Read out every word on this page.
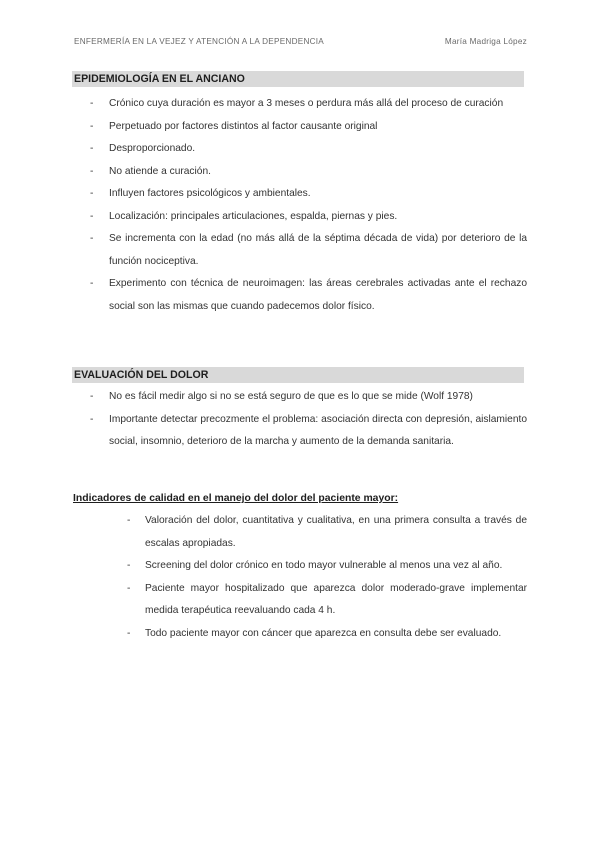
ENFERMERÍA EN LA VEJEZ Y ATENCIÓN A LA DEPENDENCIA	María Madriga López
EPIDEMIOLOGÍA EN EL ANCIANO
- Crónico cuya duración es mayor a 3 meses o perdura más allá del proceso de curación
- Perpetuado por factores distintos al factor causante original
- Desproporcionado.
- No atiende a curación.
- Influyen factores psicológicos y ambientales.
- Localización: principales articulaciones, espalda, piernas y pies.
- Se incrementa con la edad (no más allá de la séptima década de vida) por deterioro de la función nociceptiva.
- Experimento con técnica de neuroimagen: las áreas cerebrales activadas ante el rechazo social son las mismas que cuando padecemos dolor físico.
EVALUACIÓN DEL DOLOR
- No es fácil medir algo si no se está seguro de que es lo que se mide (Wolf 1978)
- Importante detectar precozmente el problema: asociación directa con depresión, aislamiento social, insomnio, deterioro de la marcha y aumento de la demanda sanitaria.
Indicadores de calidad en el manejo del dolor del paciente mayor:
- Valoración del dolor, cuantitativa y cualitativa, en una primera consulta a través de escalas apropiadas.
- Screening del dolor crónico en todo mayor vulnerable al menos una vez al año.
- Paciente mayor hospitalizado que aparezca dolor moderado-grave implementar medida terapéutica reevaluando cada 4 h.
- Todo paciente mayor con cáncer que aparezca en consulta debe ser evaluado.
